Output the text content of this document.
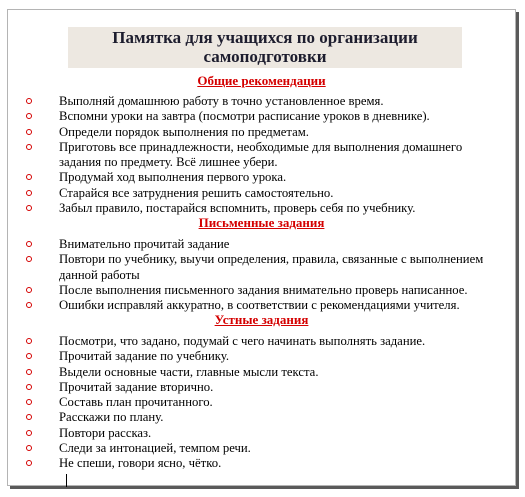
Памятка для учащихся по организации самоподготовки
Общие рекомендации
Выполняй домашнюю работу в точно установленное время.
Вспомни уроки на завтра (посмотри расписание уроков в дневнике).
Определи порядок выполнения по предметам.
Приготовь все принадлежности, необходимые для выполнения домашнего задания по предмету. Всё лишнее убери.
Продумай ход выполнения первого урока.
Старайся все затруднения решить самостоятельно.
Забыл правило, постарайся вспомнить, проверь себя по учебнику.
Письменные задания
Внимательно прочитай задание
Повтори по учебнику, выучи определения, правила, связанные с выполнением данной работы
После выполнения письменного задания внимательно проверь написанное.
Ошибки исправляй аккуратно, в соответствии с рекомендациями учителя.
Устные задания
Посмотри, что задано, подумай с чего начинать выполнять задание.
Прочитай задание по учебнику.
Выдели основные части, главные мысли текста.
Прочитай задание вторично.
Составь план прочитанного.
Расскажи по плану.
Повтори рассказ.
Следи за интонацией, темпом речи.
Не спеши, говори ясно, чётко.
